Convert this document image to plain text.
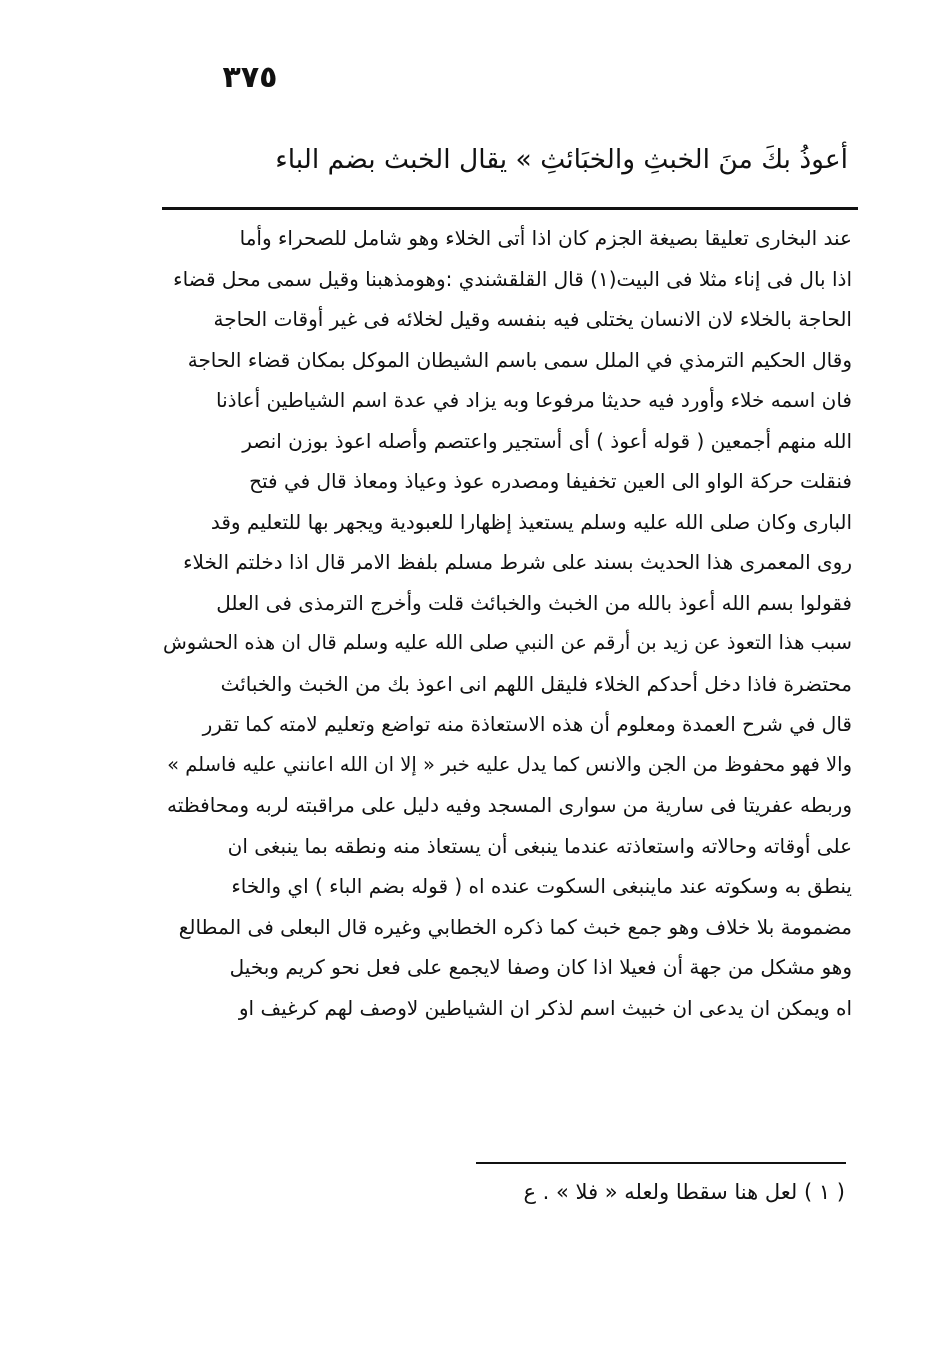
٣٧٥
أعوذُ بكَ منَ الخبثِ والخبَائثِ » يقال الخبث بضم الباء
عند البخارى تعليقا بصيغة الجزم كان اذا أتى الخلاء وهو شامل للصحراء وأما
اذا بال فى إناء مثلا فى البيت(١) قال القلقشندي :وهومذهبنا وقيل سمى محل قضاء
الحاجة بالخلاء لان الانسان يختلى فيه بنفسه وقيل لخلائه فى غير أوقات الحاجة
وقال الحكيم الترمذي في الملل سمى باسم الشيطان الموكل بمكان قضاء الحاجة
فان اسمه خلاء وأورد فيه حديثا مرفوعا وبه يزاد في عدة اسم الشياطين أعاذنا
الله منهم أجمعين ( قوله أعوذ ) أى أستجير واعتصم وأصله اعوذ بوزن انصر
فنقلت حركة الواو الى العين تخفيفا ومصدره عوذ وعياذ ومعاذ قال في فتح
البارى وكان صلى الله عليه وسلم يستعيذ إظهارا للعبودية ويجهر بها للتعليم وقد
روى المعمرى هذا الحديث بسند على شرط مسلم بلفظ الامر قال اذا دخلتم الخلاء
فقولوا بسم الله أعوذ بالله من الخبث والخبائث قلت وأخرج الترمذى فى العلل
سبب هذا التعوذ عن زيد بن أرقم عن النبي صلى الله عليه وسلم قال ان هذه الحشوش
محتضرة فاذا دخل أحدكم الخلاء فليقل اللهم انى اعوذ بك من الخبث والخبائث
قال في شرح العمدة ومعلوم أن هذه الاستعاذة منه تواضع وتعليم لامته كما تقرر
والا فهو محفوظ من الجن والانس كما يدل عليه خبر « إلا ان الله اعانني عليه فاسلم »
وربطه عفريتا فى سارية من سوارى المسجد وفيه دليل على مراقبته لربه ومحافظته
على أوقاته وحالاته واستعاذته عندما ينبغى أن يستعاذ منه ونطقه بما ينبغى ان
ينطق به وسكوته عند ماينبغى السكوت عنده اه ( قوله بضم الباء ) اي والخاء
مضمومة بلا خلاف وهو جمع خبث كما ذكره الخطابي وغيره قال البعلى فى المطالع
وهو مشكل من جهة أن فعيلا اذا كان وصفا لايجمع على فعل نحو كريم وبخيل
اه ويمكن ان يدعى ان خبيث اسم لذكر ان الشياطين لاوصف لهم كرغيف او
( ١ ) لعل هنا سقطا ولعله « فلا » . ع
